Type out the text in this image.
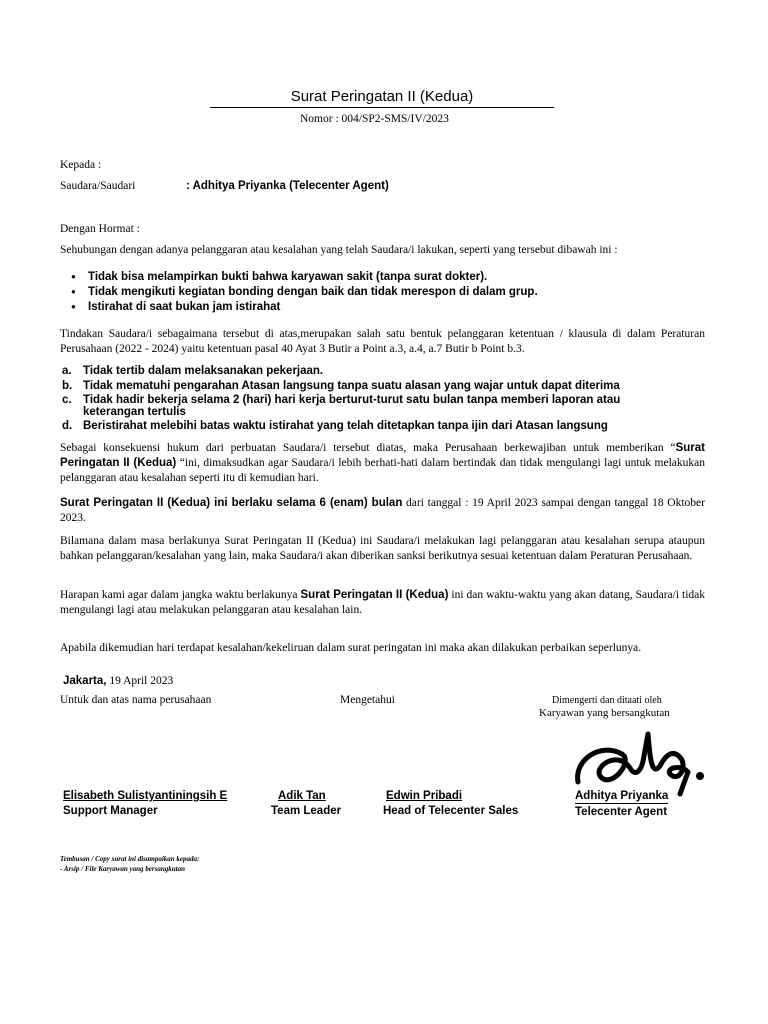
Surat Peringatan II (Kedua)
Nomor : 004/SP2-SMS/IV/2023
Kepada :
Saudara/Saudari	: Adhitya Priyanka (Telecenter Agent)
Dengan Hormat :
Sehubungan dengan adanya pelanggaran atau kesalahan yang telah Saudara/i lakukan, seperti yang tersebut dibawah ini :
● Tidak bisa melampirkan bukti bahwa karyawan sakit (tanpa surat dokter).
● Tidak mengikuti kegiatan bonding dengan baik dan tidak merespon di dalam grup.
● Istirahat di saat bukan jam istirahat
Tindakan Saudara/i sebagaimana tersebut di atas,merupakan salah satu bentuk pelanggaran ketentuan / klausula di dalam Peraturan Perusahaan (2022 - 2024) yaitu ketentuan pasal 40 Ayat 3 Butir a Point a.3, a.4, a.7 Butir b Point b.3.
a. Tidak tertib dalam melaksanakan pekerjaan.
b. Tidak mematuhi pengarahan Atasan langsung tanpa suatu alasan yang wajar untuk dapat diterima
c. Tidak hadir bekerja selama 2 (hari) hari kerja berturut-turut satu bulan tanpa memberi laporan atau
keterangan tertulis
d. Beristirahat melebihi batas waktu istirahat yang telah ditetapkan tanpa ijin dari Atasan langsung
Sebagai konsekuensi hukum dari perbuatan Saudara/i tersebut diatas, maka Perusahaan berkewajiban untuk memberikan “Surat Peringatan II (Kedua) “ini, dimaksudkan agar Saudara/i lebih berhati-hati dalam bertindak dan tidak mengulangi lagi untuk melakukan pelanggaran atau kesalahan seperti itu di kemudian hari.
Surat Peringatan II (Kedua) ini berlaku selama 6 (enam) bulan dari tanggal : 19 April 2023 sampai dengan tanggal 18 Oktober 2023.
Bilamana dalam masa berlakunya Surat Peringatan II (Kedua) ini Saudara/i melakukan lagi pelanggaran atau kesalahan serupa ataupun bahkan pelanggaran/kesalahan yang lain, maka Saudara/i akan diberikan sanksi berikutnya sesuai ketentuan dalam Peraturan Perusahaan.
Harapan kami agar dalam jangka waktu berlakunya Surat Peringatan II (Kedua) ini dan waktu-waktu yang akan datang, Saudara/i tidak mengulangi lagi atau melakukan pelanggaran atau kesalahan lain.
Apabila dikemudian hari terdapat kesalahan/kekeliruan dalam surat peringatan ini maka akan dilakukan perbaikan seperlunya.
Jakarta, 19 April 2023
Untuk dan atas nama perusahaan	Mengetahui	Dimengerti dan ditaati oleh
Karyawan yang bersangkutan
Elisabeth Sulistyantiningsih E
Support Manager
Adik Tan
Team Leader
Edwin Pribadi
Head of Telecenter Sales
Adhitya Priyanka
Telecenter Agent
Tembusan / Copy surat ini disampaikan kepada:
- Arsip / File Karyawan yang bersangkutan
